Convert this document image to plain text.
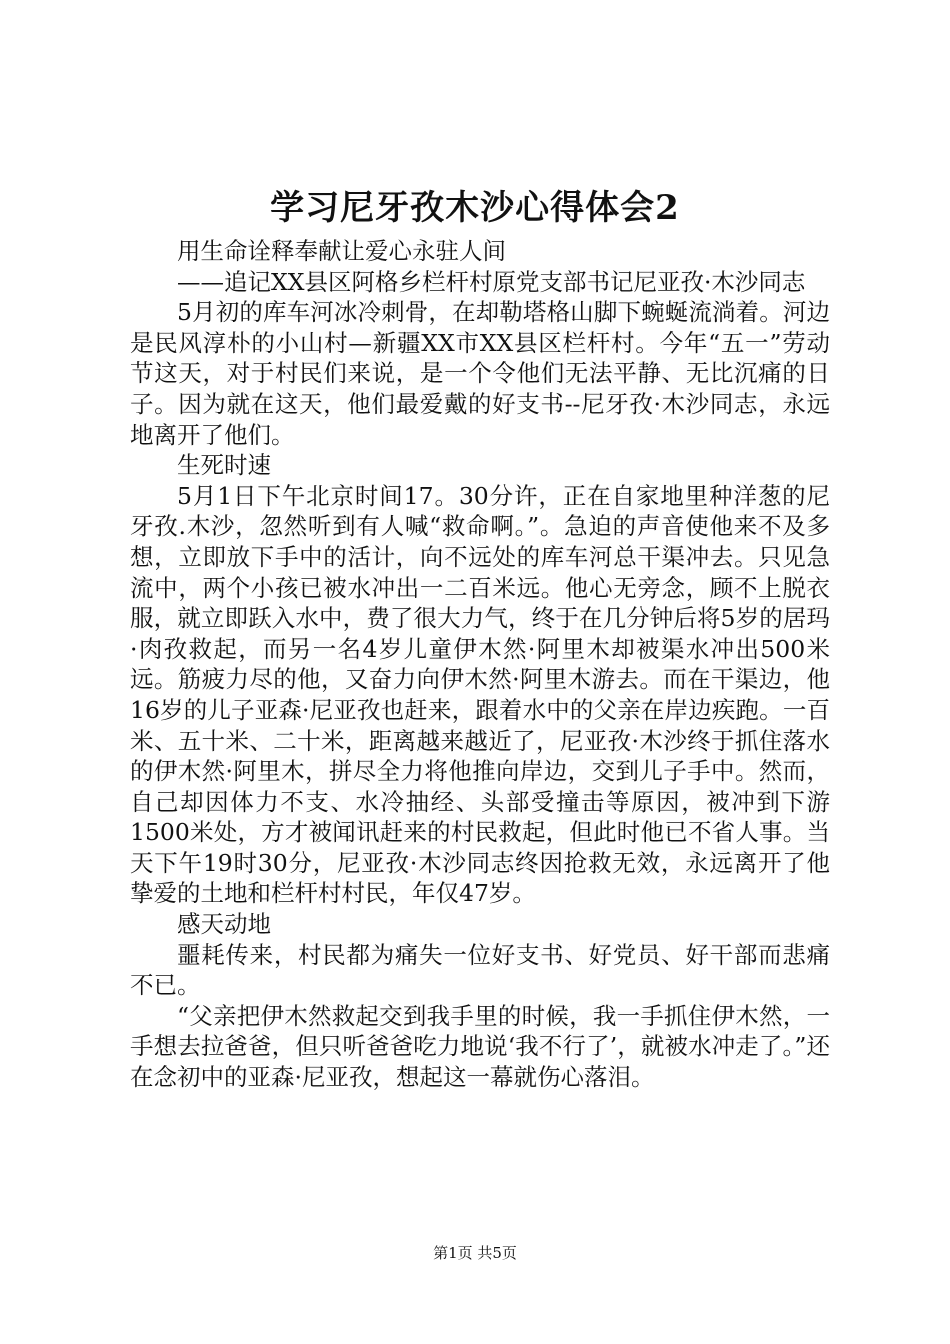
学习尼牙孜木沙心得体会2

用生命诠释奉献让爱心永驻人间

——追记XX县区阿格乡栏杆村原党支部书记尼亚孜·木沙同志

5月初的库车河冰冷刺骨，在却勒塔格山脚下蜿蜒流淌着。河边是民风淳朴的小山村—新疆XX市XX县区栏杆村。今年“五一”劳动节这天，对于村民们来说，是一个令他们无法平静、无比沉痛的日子。因为就在这天，他们最爱戴的好支书--尼牙孜·木沙同志，永远地离开了他们。

生死时速

5月1日下午北京时间17。30分许，正在自家地里种洋葱的尼牙孜.木沙，忽然听到有人喊“救命啊。”。急迫的声音使他来不及多想，立即放下手中的活计，向不远处的库车河总干渠冲去。只见急流中，两个小孩已被水冲出一二百米远。他心无旁念，顾不上脱衣服，就立即跃入水中，费了很大力气，终于在几分钟后将5岁的居玛·肉孜救起，而另一名4岁儿童伊木然·阿里木却被渠水冲出500米远。筋疲力尽的他，又奋力向伊木然·阿里木游去。而在干渠边，他16岁的儿子亚森·尼亚孜也赶来，跟着水中的父亲在岸边疾跑。一百米、五十米、二十米，距离越来越近了，尼亚孜·木沙终于抓住落水的伊木然·阿里木，拼尽全力将他推向岸边，交到儿子手中。然而，自己却因体力不支、水冷抽经、头部受撞击等原因，被冲到下游1500米处，方才被闻讯赶来的村民救起，但此时他已不省人事。当天下午19时30分，尼亚孜·木沙同志终因抢救无效，永远离开了他挚爱的土地和栏杆村村民，年仅47岁。

感天动地

噩耗传来，村民都为痛失一位好支书、好党员、好干部而悲痛不已。

“父亲把伊木然救起交到我手里的时候，我一手抓住伊木然，一手想去拉爸爸，但只听爸爸吃力地说‘我不行了’，就被水冲走了。”还在念初中的亚森·尼亚孜，想起这一幕就伤心落泪。

第1页 共5页
